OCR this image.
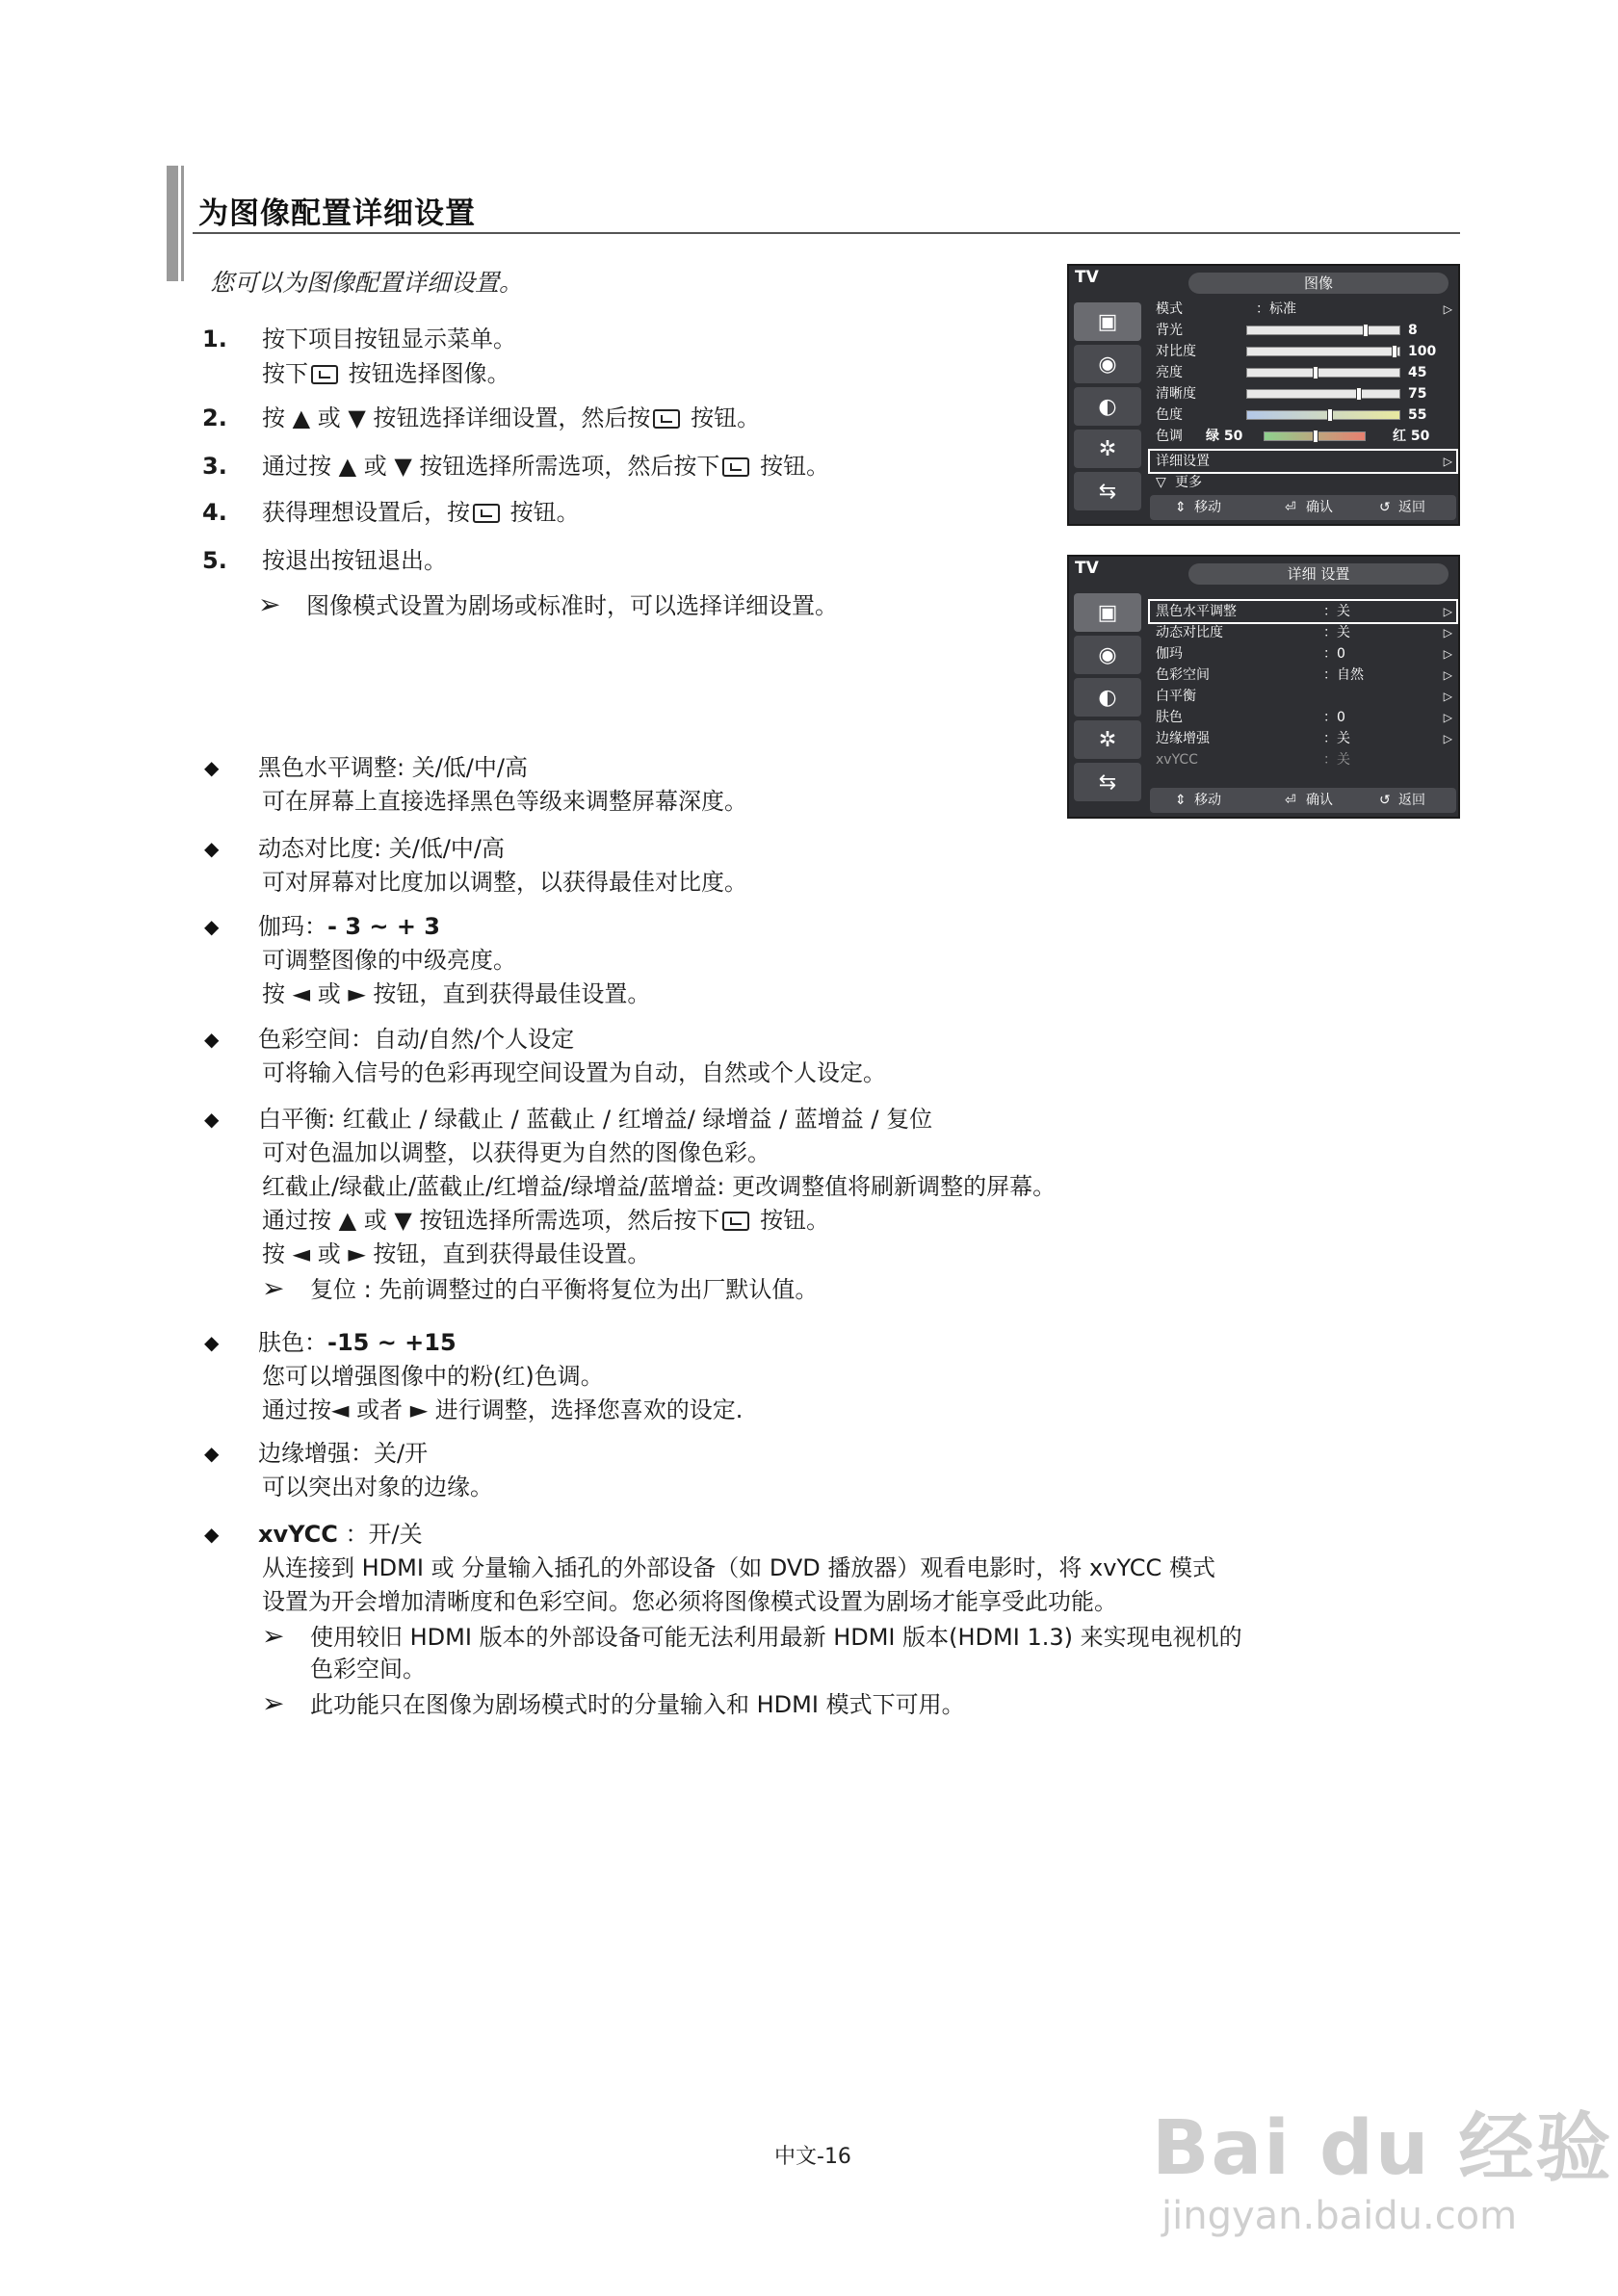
为图像配置详细设置
您可以为图像配置详细设置。
1.	按下项目按钮显示菜单。
按下 按钮选择图像。
2.	按 ▲ 或 ▼ 按钮选择详细设置，然后按 按钮。
3.	通过按 ▲ 或 ▼ 按钮选择所需选项，然后按下 按钮。
4.	获得理想设置后，按 按钮。
5.	按退出按钮退出。
➢ 图像模式设置为剧场或标准时，可以选择详细设置。
◆ 黑色水平调整: 关/低/中/高
可在屏幕上直接选择黑色等级来调整屏幕深度。
◆ 动态对比度: 关/低/中/高
可对屏幕对比度加以调整，以获得最佳对比度。
◆ 伽玛：- 3 ~ + 3
可调整图像的中级亮度。
按 ◄ 或 ► 按钮，直到获得最佳设置。
◆ 色彩空间：自动/自然/个人设定
可将输入信号的色彩再现空间设置为自动，自然或个人设定。
◆ 白平衡: 红截止 / 绿截止 / 蓝截止 / 红增益/ 绿增益 / 蓝增益 / 复位
可对色温加以调整，以获得更为自然的图像色彩。
红截止/绿截止/蓝截止/红增益/绿增益/蓝增益: 更改调整值将刷新调整的屏幕。
通过按 ▲ 或 ▼ 按钮选择所需选项，然后按下 按钮。
按 ◄ 或 ► 按钮，直到获得最佳设置。
➢ 复位 : 先前调整过的白平衡将复位为出厂默认值。
◆ 肤色：-15 ~ +15
您可以增强图像中的粉(红)色调。
通过按◄ 或者 ► 进行调整，选择您喜欢的设定.
◆ 边缘增强：关/开
可以突出对象的边缘。
◆ xvYCC ：开/关
从连接到 HDMI 或 分量输入插孔的外部设备（如 DVD 播放器）观看电影时，将 xvYCC 模式
设置为开会增加清晰度和色彩空间。您必须将图像模式设置为剧场才能享受此功能。
➢ 使用较旧 HDMI 版本的外部设备可能无法利用最新 HDMI 版本(HDMI 1.3) 来实现电视机的
色彩空间。
➢ 此功能只在图像为剧场模式时的分量输入和 HDMI 模式下可用。
TV	图像
▣
◉
◐
✲
⇆
模式	：标准	▷
背光	8
对比度	100
亮度	45
清晰度	75
色度	55
色调 绿 50	红 50
详细设置	▷
▽ 更多
⇕ 移动	⏎ 确认	↺ 返回
TV	详细 设置
▣
◉
◐
✲
⇆
黑色水平调整	：关	▷
动态对比度	：关	▷
伽玛	：0	▷
色彩空间	：自然	▷
白平衡	▷
肤色	：0	▷
边缘增强	：关	▷
xvYCC	：关
⇕ 移动	⏎ 确认	↺ 返回
中文-16	Bai du 经验
jingyan.baidu.com
